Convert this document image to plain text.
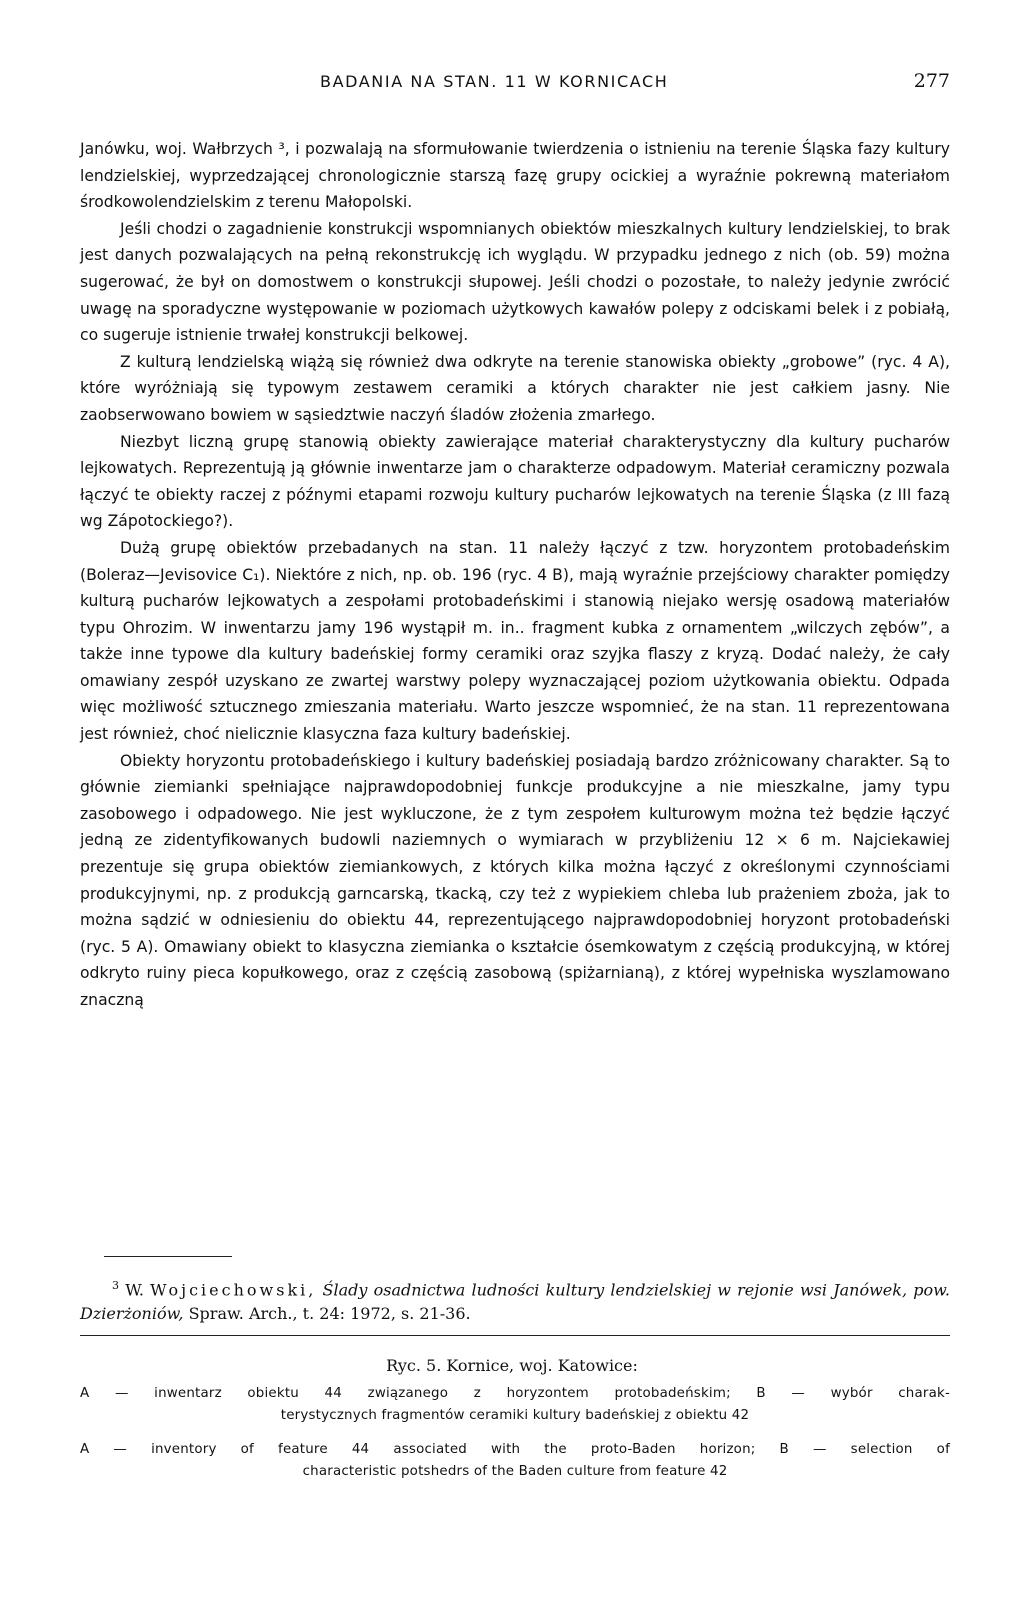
BADANIA NA STAN. 11 W KORNICACH	277

Janówku, woj. Wałbrzych ³, i pozwalają na sformułowanie twierdzenia o istnieniu na terenie Śląska fazy kultury lendzielskiej, wyprzedzającej chronologicznie starszą fazę grupy ocickiej a wyraźnie pokrewną materiałom środkowolendzielskim z terenu Małopolski.

Jeśli chodzi o zagadnienie konstrukcji wspomnianych obiektów mieszkalnych kultury lendzielskiej, to brak jest danych pozwalających na pełną rekonstrukcję ich wyglądu. W przypadku jednego z nich (ob. 59) można sugerować, że był on domostwem o konstrukcji słupowej. Jeśli chodzi o pozostałe, to należy jedynie zwrócić uwagę na sporadyczne występowanie w poziomach użytkowych kawałów polepy z odciskami belek i z pobiałą, co sugeruje istnienie trwałej konstrukcji belkowej.

Z kulturą lendzielską wiążą się również dwa odkryte na terenie stanowiska obiekty „grobowe” (ryc. 4 A), które wyróżniają się typowym zestawem ceramiki a których charakter nie jest całkiem jasny. Nie zaobserwowano bowiem w sąsiedztwie naczyń śladów złożenia zmarłego.

Niezbyt liczną grupę stanowią obiekty zawierające materiał charakterystyczny dla kultury pucharów lejkowatych. Reprezentują ją głównie inwentarze jam o charakterze odpadowym. Materiał ceramiczny pozwala łączyć te obiekty raczej z późnymi etapami rozwoju kultury pucharów lejkowatych na terenie Śląska (z III fazą wg Zápotockiego?).

Dużą grupę obiektów przebadanych na stan. 11 należy łączyć z tzw. horyzontem protobadeńskim (Boleraz—Jevisovice C₁). Niektóre z nich, np. ob. 196 (ryc. 4 B), mają wyraźnie przejściowy charakter pomiędzy kulturą pucharów lejkowatych a zespołami protobadeńskimi i stanowią niejako wersję osadową materiałów typu Ohrozim. W inwentarzu jamy 196 wystąpił m. in.. fragment kubka z ornamentem „wilczych zębów”, a także inne typowe dla kultury badeńskiej formy ceramiki oraz szyjka flaszy z kryzą. Dodać należy, że cały omawiany zespół uzyskano ze zwartej warstwy polepy wyznaczającej poziom użytkowania obiektu. Odpada więc możliwość sztucznego zmieszania materiału. Warto jeszcze wspomnieć, że na stan. 11 reprezentowana jest również, choć nielicznie klasyczna faza kultury badeńskiej.

Obiekty horyzontu protobadeńskiego i kultury badeńskiej posiadają bardzo zróżnicowany charakter. Są to głównie ziemianki spełniające najprawdopodobniej funkcje produkcyjne a nie mieszkalne, jamy typu zasobowego i odpadowego. Nie jest wykluczone, że z tym zespołem kulturowym można też będzie łączyć jedną ze zidentyfikowanych budowli naziemnych o wymiarach w przybliżeniu 12 × 6 m. Najciekawiej prezentuje się grupa obiektów ziemiankowych, z których kilka można łączyć z określonymi czynnościami produkcyjnymi, np. z produkcją garncarską, tkacką, czy też z wypiekiem chleba lub prażeniem zboża, jak to można sądzić w odniesieniu do obiektu 44, reprezentującego najprawdopodobniej horyzont protobadeński (ryc. 5 A). Omawiany obiekt to klasyczna ziemianka o kształcie ósemkowatym z częścią produkcyjną, w której odkryto ruiny pieca kopułkowego, oraz z częścią zasobową (spiżarnianą), z której wypełniska wyszlamowano znaczną

$^3$ W. Wojciechowski, Ślady osadnictwa ludności kultury lendzielskiej w rejonie wsi Janówek, pow. Dzierżoniów, Spraw. Arch., t. 24: 1972, s. 21-36.
Ryc. 5. Kornice, woj. Katowice:
A — inwentarz obiektu 44 związanego z horyzontem protobadeńskim; B — wybór charak-
terystycznych fragmentów ceramiki kultury badeńskiej z obiektu 42
A — inventory of feature 44 associated with the proto-Baden horizon; B — selection of
characteristic potshedrs of the Baden culture from feature 42
